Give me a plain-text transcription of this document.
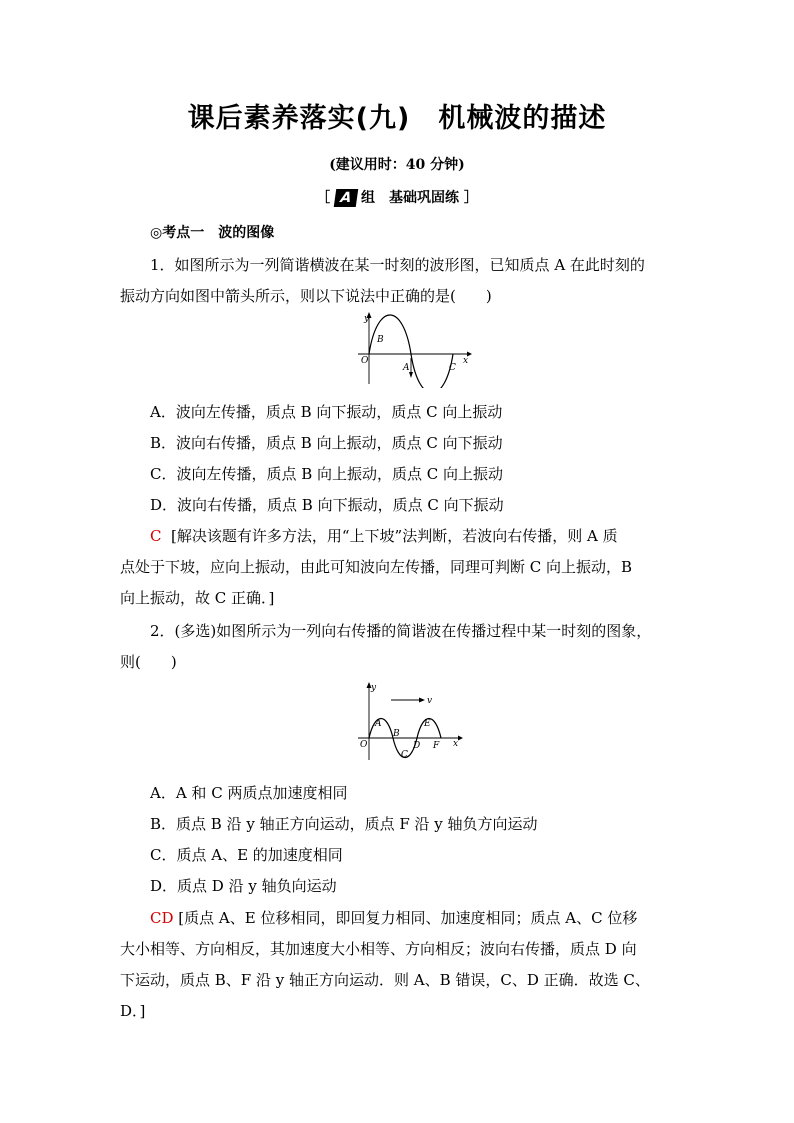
课后素养落实(九)　机械波的描述
(建议用时：40 分钟)
［ A 组　基础巩固练 ］
◎考点一　波的图像
1．如图所示为一列简谐横波在某一时刻的波形图，已知质点 A 在此时刻的
振动方向如图中箭头所示，则以下说法中正确的是(　　)
y
x
O
B
A	C
A．波向左传播，质点 B 向下振动，质点 C 向上振动
B．波向右传播，质点 B 向上振动，质点 C 向下振动
C．波向左传播，质点 B 向上振动，质点 C 向上振动
D．波向右传播，质点 B 向下振动，质点 C 向下振动
C [解决该题有许多方法，用“上下坡”法判断，若波向右传播，则 A 质
点处于下坡，应向上振动，由此可知波向左传播，同理可判断 C 向上振动，B
向上振动，故 C 正确．]
2．(多选)如图所示为一列向右传播的简谐波在传播过程中某一时刻的图象，
则(　　)
y
x
v
O
A
B
C
D
E
F
A．A 和 C 两质点加速度相同
B．质点 B 沿 y 轴正方向运动，质点 F 沿 y 轴负方向运动
C．质点 A、E 的加速度相同
D．质点 D 沿 y 轴负向运动
CD [质点 A、E 位移相同，即回复力相同、加速度相同；质点 A、C 位移
大小相等、方向相反，其加速度大小相等、方向相反；波向右传播，质点 D 向
下运动，质点 B、F 沿 y 轴正方向运动．则 A、B 错误，C、D 正确．故选 C、
D．]
